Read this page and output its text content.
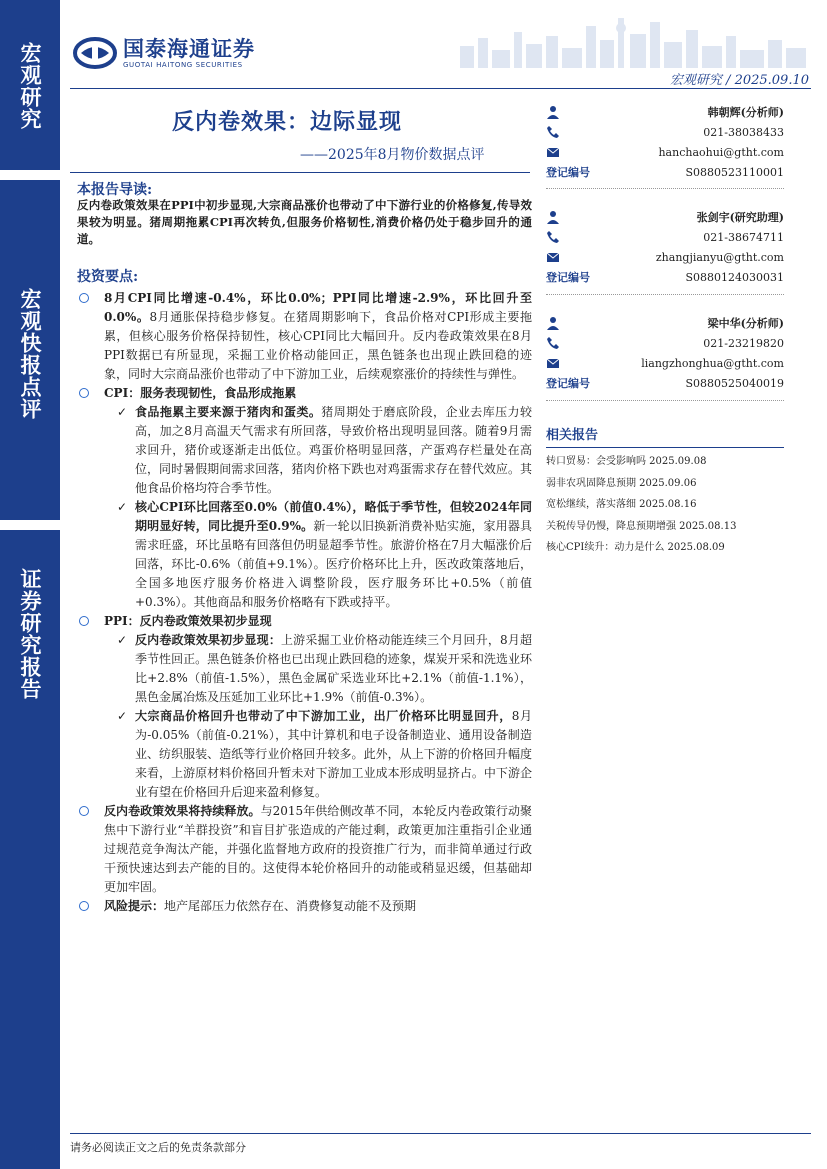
宏观研究
宏观快报点评
证券研究报告
国泰海通证券
GUOTAI HAITONG SECURITIES
宏观研究 / 2025.09.10
反内卷效果：边际显现
——2025年8月物价数据点评
本报告导读:
反内卷政策效果在PPI中初步显现,大宗商品涨价也带动了中下游行业的价格修复,传导效果较为明显。猪周期拖累CPI再次转负,但服务价格韧性,消费价格仍处于稳步回升的通道。
投资要点:
8月CPI同比增速-0.4%，环比0.0%；PPI同比增速-2.9%，环比回升至0.0%。8月通胀保持稳步修复。在猪周期影响下，食品价格对CPI形成主要拖累，但核心服务价格保持韧性，核心CPI同比大幅回升。反内卷政策效果在8月PPI数据已有所显现，采掘工业价格动能回正，黑色链条也出现止跌回稳的迹象，同时大宗商品涨价也带动了中下游加工业，后续观察涨价的持续性与弹性。
CPI：服务表现韧性，食品形成拖累
✓ 食品拖累主要来源于猪肉和蛋类。猪周期处于磨底阶段，企业去库压力较高，加之8月高温天气需求有所回落，导致价格出现明显回落。随着9月需求回升，猪价或逐渐走出低位。鸡蛋价格明显回落，产蛋鸡存栏量处在高位，同时暑假期间需求回落，猪肉价格下跌也对鸡蛋需求存在替代效应。其他食品价格均符合季节性。
✓ 核心CPI环比回落至0.0%（前值0.4%），略低于季节性，但较2024年同期明显好转，同比提升至0.9%。新一轮以旧换新消费补贴实施，家用器具需求旺盛，环比虽略有回落但仍明显超季节性。旅游价格在7月大幅涨价后回落，环比-0.6%（前值+9.1%）。医疗价格环比上升，医改政策落地后，全国多地医疗服务价格进入调整阶段，医疗服务环比+0.5%（前值+0.3%）。其他商品和服务价格略有下跌或持平。
PPI：反内卷政策效果初步显现
✓ 反内卷政策效果初步显现：上游采掘工业价格动能连续三个月回升，8月超季节性回正。黑色链条价格也已出现止跌回稳的迹象，煤炭开采和洗选业环比+2.8%（前值-1.5%），黑色金属矿采选业环比+2.1%（前值-1.1%），黑色金属冶炼及压延加工业环比+1.9%（前值-0.3%）。
✓ 大宗商品价格回升也带动了中下游加工业，出厂价格环比明显回升，8月为-0.05%（前值-0.21%），其中计算机和电子设备制造业、通用设备制造业、纺织服装、造纸等行业价格回升较多。此外，从上下游的价格回升幅度来看，上游原材料价格回升暂未对下游加工业成本形成明显挤占。中下游企业有望在价格回升后迎来盈利修复。
反内卷政策效果将持续释放。与2015年供给侧改革不同，本轮反内卷政策行动聚焦中下游行业“羊群投资”和盲目扩张造成的产能过剩，政策更加注重指引企业通过规范竞争淘汰产能，并强化监督地方政府的投资推广行为，而非简单通过行政干预快速达到去产能的目的。这使得本轮价格回升的动能或稍显迟缓，但基础却更加牢固。
风险提示：地产尾部压力依然存在、消费修复动能不及预期
韩朝辉(分析师)
021-38038433
hanchaohui@gtht.com
登记编号	S0880523110001
张剑宇(研究助理)
021-38674711
zhangjianyu@gtht.com
登记编号	S0880124030031
梁中华(分析师)
021-23219820
liangzhonghua@gtht.com
登记编号	S0880525040019
相关报告
转口贸易：会受影响吗 2025.09.08
弱非农巩固降息预期 2025.09.06
宽松继续，落实落细 2025.08.16
关税传导仍慢，降息预期增强 2025.08.13
核心CPI续升：动力是什么 2025.08.09
请务必阅读正文之后的免责条款部分
